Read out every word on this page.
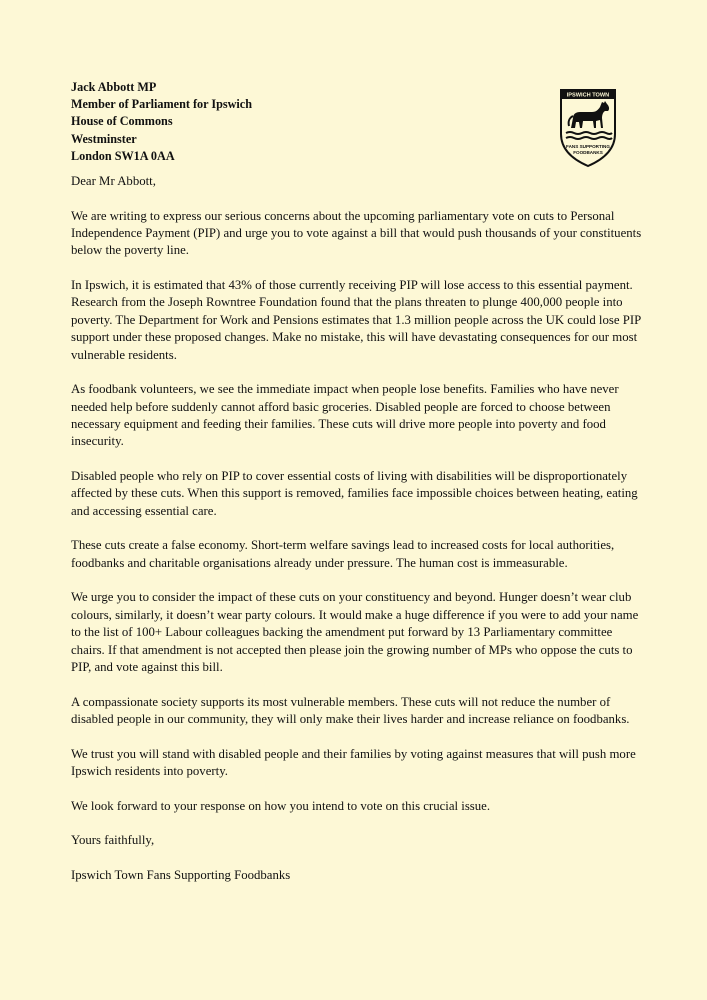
Jack Abbott MP
Member of Parliament for Ipswich
House of Commons
Westminster
London SW1A 0AA
IPSWICH TOWN
FANS SUPPORTING
FOODBANKS

Dear Mr Abbott,

We are writing to express our serious concerns about the upcoming parliamentary vote on cuts to Personal Independence Payment (PIP) and urge you to vote against a bill that would push thousands of your constituents below the poverty line.

In Ipswich, it is estimated that 43% of those currently receiving PIP will lose access to this essential payment. Research from the Joseph Rowntree Foundation found that the plans threaten to plunge 400,000 people into poverty. The Department for Work and Pensions estimates that 1.3 million people across the UK could lose PIP support under these proposed changes. Make no mistake, this will have devastating consequences for our most vulnerable residents.

As foodbank volunteers, we see the immediate impact when people lose benefits. Families who have never needed help before suddenly cannot afford basic groceries. Disabled people are forced to choose between necessary equipment and feeding their families. These cuts will drive more people into poverty and food insecurity.

Disabled people who rely on PIP to cover essential costs of living with disabilities will be disproportionately affected by these cuts. When this support is removed, families face impossible choices between heating, eating and accessing essential care.

These cuts create a false economy. Short-term welfare savings lead to increased costs for local authorities, foodbanks and charitable organisations already under pressure. The human cost is immeasurable.

We urge you to consider the impact of these cuts on your constituency and beyond. Hunger doesn’t wear club colours, similarly, it doesn’t wear party colours. It would make a huge difference if you were to add your name to the list of 100+ Labour colleagues backing the amendment put forward by 13 Parliamentary committee chairs. If that amendment is not accepted then please join the growing number of MPs who oppose the cuts to PIP, and vote against this bill.

A compassionate society supports its most vulnerable members. These cuts will not reduce the number of disabled people in our community, they will only make their lives harder and increase reliance on foodbanks.

We trust you will stand with disabled people and their families by voting against measures that will push more Ipswich residents into poverty.

We look forward to your response on how you intend to vote on this crucial issue.

Yours faithfully,

Ipswich Town Fans Supporting Foodbanks
